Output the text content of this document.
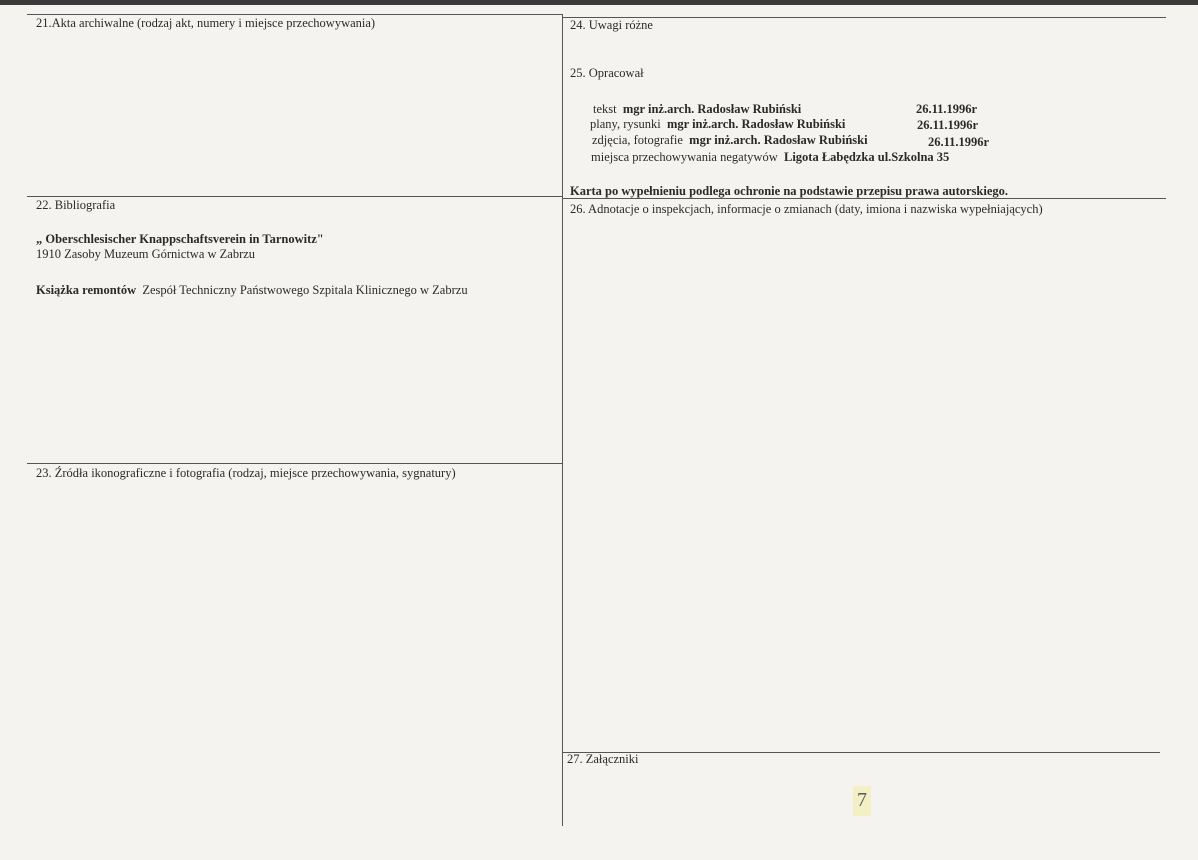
21.Akta archiwalne (rodzaj akt, numery i miejsce przechowywania)
22. Bibliografia
„ Oberschlesischer Knappschaftsverein in Tarnowitz"
1910 Zasoby Muzeum Górnictwa w Zabrzu
Książka remontów Zespół Techniczny Państwowego Szpitala Klinicznego w Zabrzu
23. Źródła ikonograficzne i fotografia (rodzaj, miejsce przechowywania, sygnatury)
24. Uwagi różne
25. Opracował
tekst mgr inż.arch. Radosław Rubiński	26.11.1996r
plany, rysunki mgr inż.arch. Radosław Rubiński	26.11.1996r
zdjęcia, fotografie mgr inż.arch. Radosław Rubiński	26.11.1996r
miejsca przechowywania negatywów Ligota Łabędzka ul.Szkolna 35
Karta po wypełnieniu podlega ochronie na podstawie przepisu prawa autorskiego.
26. Adnotacje o inspekcjach, informacje o zmianach (daty, imiona i nazwiska wypełniających)
27. Załączniki
7
